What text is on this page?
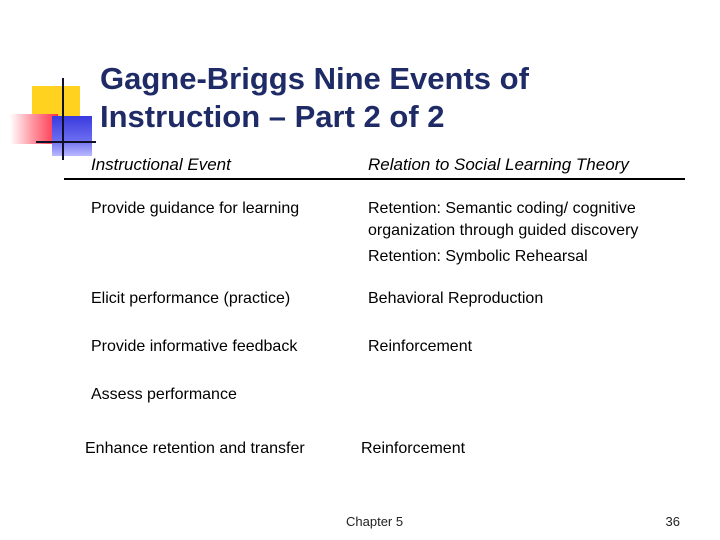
Gagne-Briggs Nine Events of
Instruction – Part 2 of 2
Instructional Event	Relation to Social Learning Theory
Provide guidance for learning	Retention: Semantic coding/ cognitive
organization through guided discovery
Retention: Symbolic Rehearsal
Elicit performance (practice)	Behavioral Reproduction
Provide informative feedback	Reinforcement
Assess performance
Enhance retention and transfer	Reinforcement
Chapter 5	36
